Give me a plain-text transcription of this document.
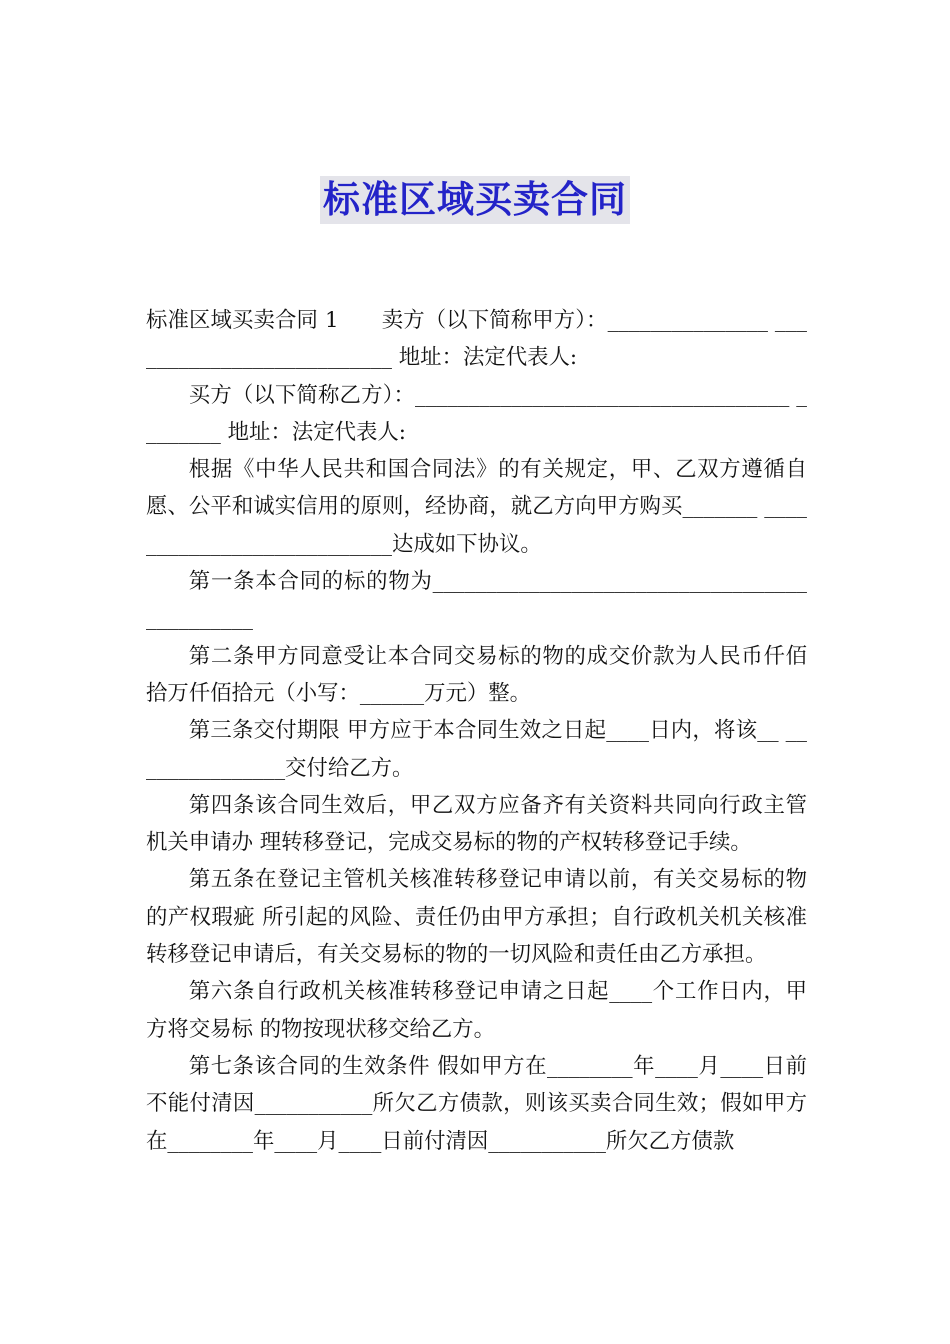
标准区域买卖合同

标准区域买卖合同 1　　卖方（以下简称甲方）：_______________ __________________________ 地址：法定代表人:

买方（以下简称乙方）：___________________________________ ________ 地址：法定代表人:

根据《中华人民共和国合同法》的有关规定，甲、乙双方遵循自愿、公平和诚实信用的原则，经协商，就乙方向甲方购买_______ ___________________________达成如下协议。

第一条本合同的标的物为___________________________________ __________

第二条甲方同意受让本合同交易标的物的成交价款为人民币仟佰 拾万仟佰拾元（小写：______万元）整。

第三条交付期限 甲方应于本合同生效之日起____日内，将该__ _______________交付给乙方。

第四条该合同生效后，甲乙双方应备齐有关资料共同向行政主管机关申请办 理转移登记，完成交易标的物的产权转移登记手续。

第五条在登记主管机关核准转移登记申请以前，有关交易标的物的产权瑕疵 所引起的风险、责任仍由甲方承担；自行政机关机关核准转移登记申请后，有关交易标的物的一切风险和责任由乙方承担。

第六条自行政机关核准转移登记申请之日起____个工作日内，甲方将交易标 的物按现状移交给乙方。

第七条该合同的生效条件 假如甲方在________年____月____日前不能付清因___________所欠乙方债款，则该买卖合同生效；假如甲方在________年____月____日前付清因___________所欠乙方债款
